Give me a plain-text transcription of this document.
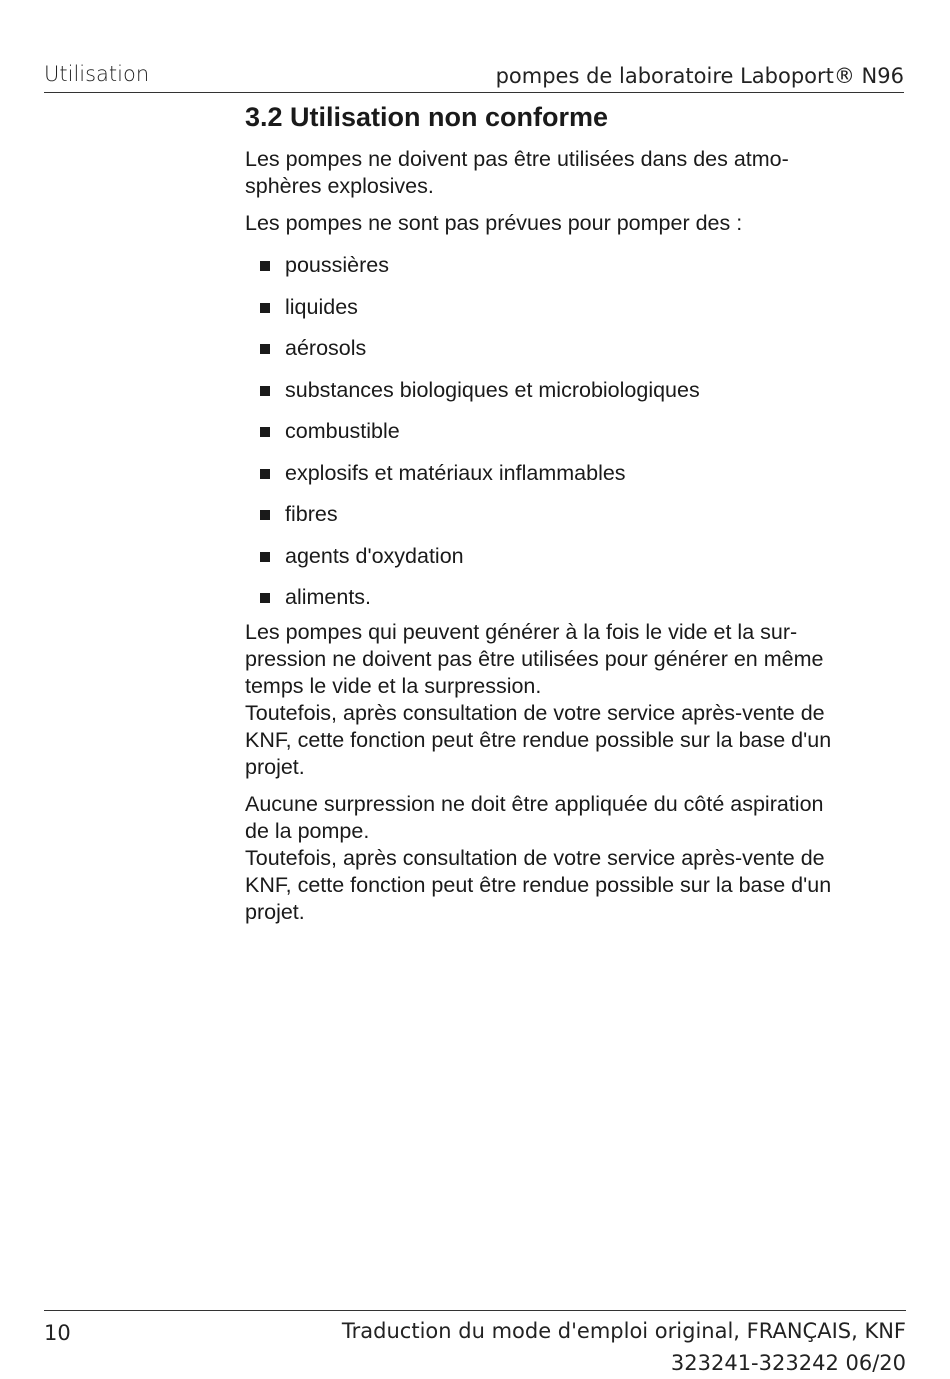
Utilisation	pompes de laboratoire Laboport® N96
3.2 Utilisation non conforme

Les pompes ne doivent pas être utilisées dans des atmo-
sphères explosives.

Les pompes ne sont pas prévues pour pomper des :

poussières
liquides
aérosols
substances biologiques et microbiologiques
combustible
explosifs et matériaux inflammables
fibres
agents d'oxydation
aliments.

Les pompes qui peuvent générer à la fois le vide et la sur-
pression ne doivent pas être utilisées pour générer en même
temps le vide et la surpression.
Toutefois, après consultation de votre service après-vente de
KNF, cette fonction peut être rendue possible sur la base d'un
projet.

Aucune surpression ne doit être appliquée du côté aspiration
de la pompe.
Toutefois, après consultation de votre service après-vente de
KNF, cette fonction peut être rendue possible sur la base d'un
projet.

10	Traduction du mode d'emploi original, FRANÇAIS, KNF
323241-323242 06/20
